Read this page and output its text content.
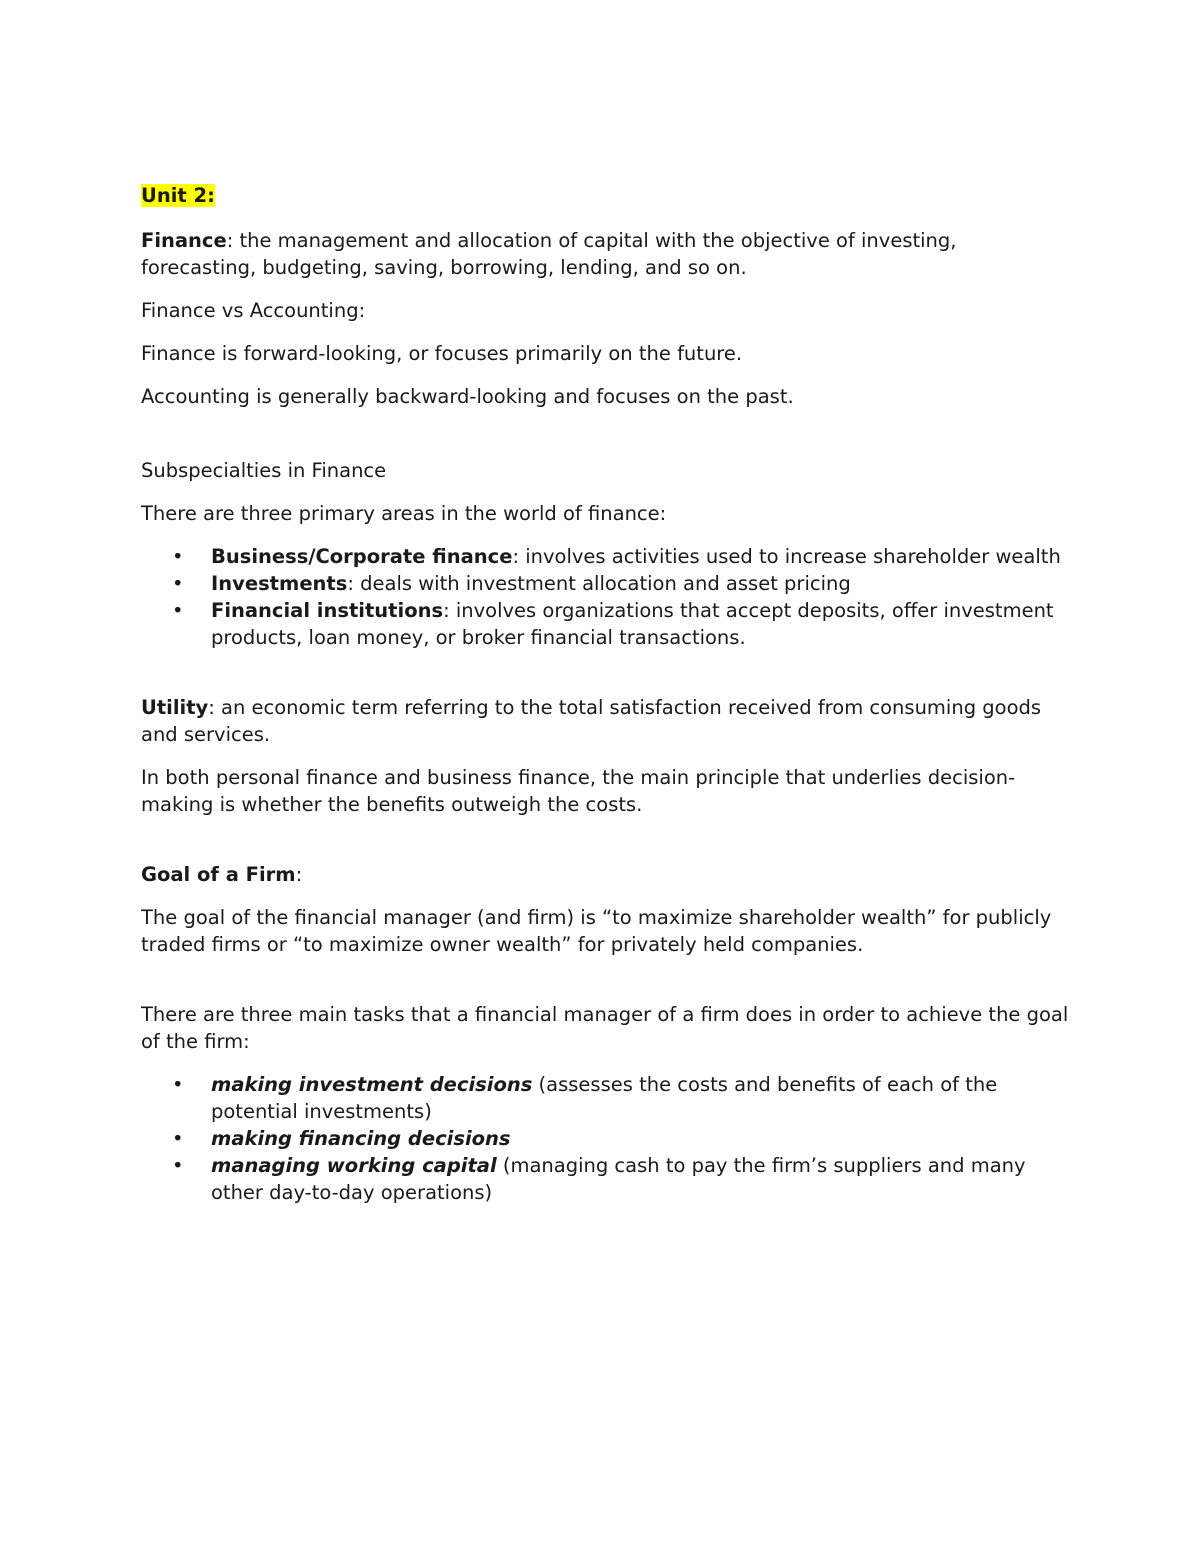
Unit 2:

Finance: the management and allocation of capital with the objective of investing, forecasting, budgeting, saving, borrowing, lending, and so on.

Finance vs Accounting:

Finance is forward-looking, or focuses primarily on the future.

Accounting is generally backward-looking and focuses on the past.

Subspecialties in Finance

There are three primary areas in the world of finance:

• Business/Corporate finance: involves activities used to increase shareholder wealth
• Investments: deals with investment allocation and asset pricing
• Financial institutions: involves organizations that accept deposits, offer investment products, loan money, or broker financial transactions.

Utility: an economic term referring to the total satisfaction received from consuming goods and services.

In both personal finance and business finance, the main principle that underlies decision-making is whether the benefits outweigh the costs.

Goal of a Firm:

The goal of the financial manager (and firm) is “to maximize shareholder wealth” for publicly traded firms or “to maximize owner wealth” for privately held companies.

There are three main tasks that a financial manager of a firm does in order to achieve the goal of the firm:

• making investment decisions (assesses the costs and benefits of each of the potential investments)
• making financing decisions
• managing working capital (managing cash to pay the firm’s suppliers and many other day-to-day operations)
